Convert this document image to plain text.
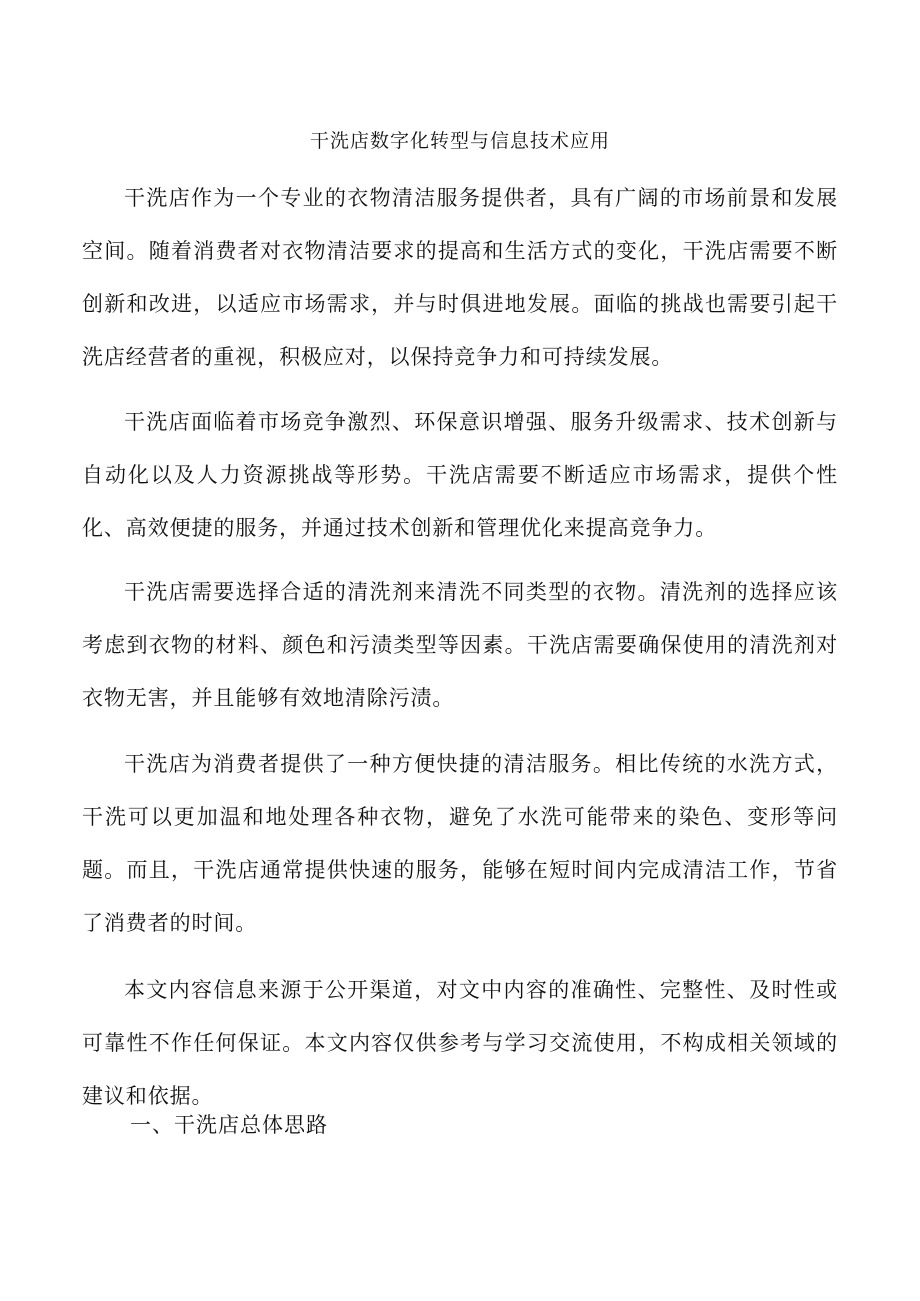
干洗店数字化转型与信息技术应用

干洗店作为一个专业的衣物清洁服务提供者，具有广阔的市场前景和发展空间。随着消费者对衣物清洁要求的提高和生活方式的变化，干洗店需要不断创新和改进，以适应市场需求，并与时俱进地发展。面临的挑战也需要引起干洗店经营者的重视，积极应对，以保持竞争力和可持续发展。

干洗店面临着市场竞争激烈、环保意识增强、服务升级需求、技术创新与自动化以及人力资源挑战等形势。干洗店需要不断适应市场需求，提供个性化、高效便捷的服务，并通过技术创新和管理优化来提高竞争力。

干洗店需要选择合适的清洗剂来清洗不同类型的衣物。清洗剂的选择应该考虑到衣物的材料、颜色和污渍类型等因素。干洗店需要确保使用的清洗剂对衣物无害，并且能够有效地清除污渍。

干洗店为消费者提供了一种方便快捷的清洁服务。相比传统的水洗方式，干洗可以更加温和地处理各种衣物，避免了水洗可能带来的染色、变形等问题。而且，干洗店通常提供快速的服务，能够在短时间内完成清洁工作，节省了消费者的时间。

本文内容信息来源于公开渠道，对文中内容的准确性、完整性、及时性或可靠性不作任何保证。本文内容仅供参考与学习交流使用，不构成相关领域的建议和依据。

一、干洗店总体思路
